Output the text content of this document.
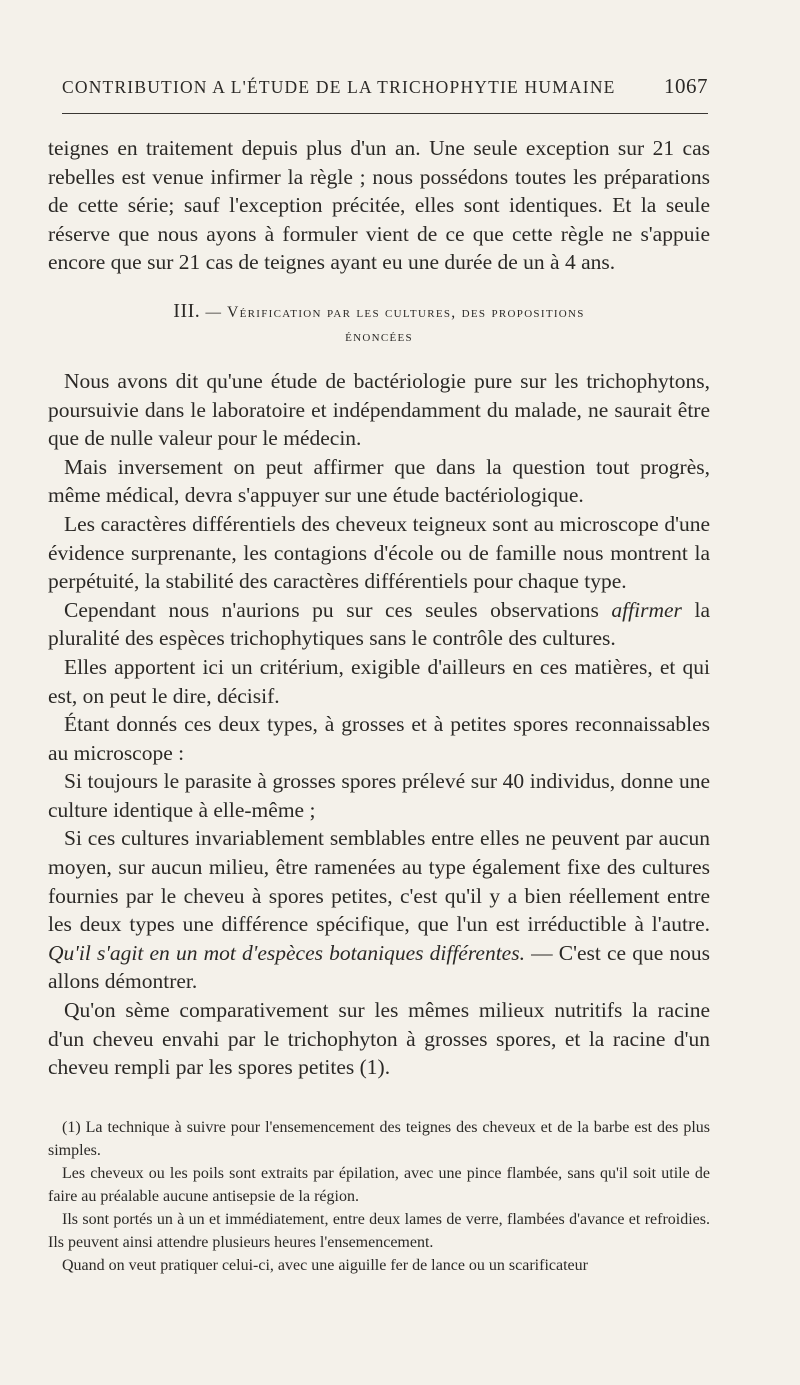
CONTRIBUTION A L'ÉTUDE DE LA TRICHOPHYTIE HUMAINE 1067

teignes en traitement depuis plus d'un an. Une seule exception sur 21 cas rebelles est venue infirmer la règle ; nous possédons toutes les préparations de cette série; sauf l'exception précitée, elles sont identiques. Et la seule réserve que nous ayons à formuler vient de ce que cette règle ne s'appuie encore que sur 21 cas de teignes ayant eu une durée de un à 4 ans.

III. — Vérification par les cultures, des propositions
énoncées

Nous avons dit qu'une étude de bactériologie pure sur les trichophytons, poursuivie dans le laboratoire et indépendamment du malade, ne saurait être que de nulle valeur pour le médecin.

Mais inversement on peut affirmer que dans la question tout progrès, même médical, devra s'appuyer sur une étude bactériologique.

Les caractères différentiels des cheveux teigneux sont au microscope d'une évidence surprenante, les contagions d'école ou de famille nous montrent la perpétuité, la stabilité des caractères différentiels pour chaque type.

Cependant nous n'aurions pu sur ces seules observations affirmer la pluralité des espèces trichophytiques sans le contrôle des cultures.

Elles apportent ici un critérium, exigible d'ailleurs en ces matières, et qui est, on peut le dire, décisif.

Étant donnés ces deux types, à grosses et à petites spores reconnaissables au microscope :

Si toujours le parasite à grosses spores prélevé sur 40 individus, donne une culture identique à elle-même ;

Si ces cultures invariablement semblables entre elles ne peuvent par aucun moyen, sur aucun milieu, être ramenées au type également fixe des cultures fournies par le cheveu à spores petites, c'est qu'il y a bien réellement entre les deux types une différence spécifique, que l'un est irréductible à l'autre. Qu'il s'agit en un mot d'espèces botaniques différentes. — C'est ce que nous allons démontrer.

Qu'on sème comparativement sur les mêmes milieux nutritifs la racine d'un cheveu envahi par le trichophyton à grosses spores, et la racine d'un cheveu rempli par les spores petites (1).

(1) La technique à suivre pour l'ensemencement des teignes des cheveux et de la barbe est des plus simples.

Les cheveux ou les poils sont extraits par épilation, avec une pince flambée, sans qu'il soit utile de faire au préalable aucune antisepsie de la région.

Ils sont portés un à un et immédiatement, entre deux lames de verre, flambées d'avance et refroidies. Ils peuvent ainsi attendre plusieurs heures l'ensemencement.

Quand on veut pratiquer celui-ci, avec une aiguille fer de lance ou un scarificateur
